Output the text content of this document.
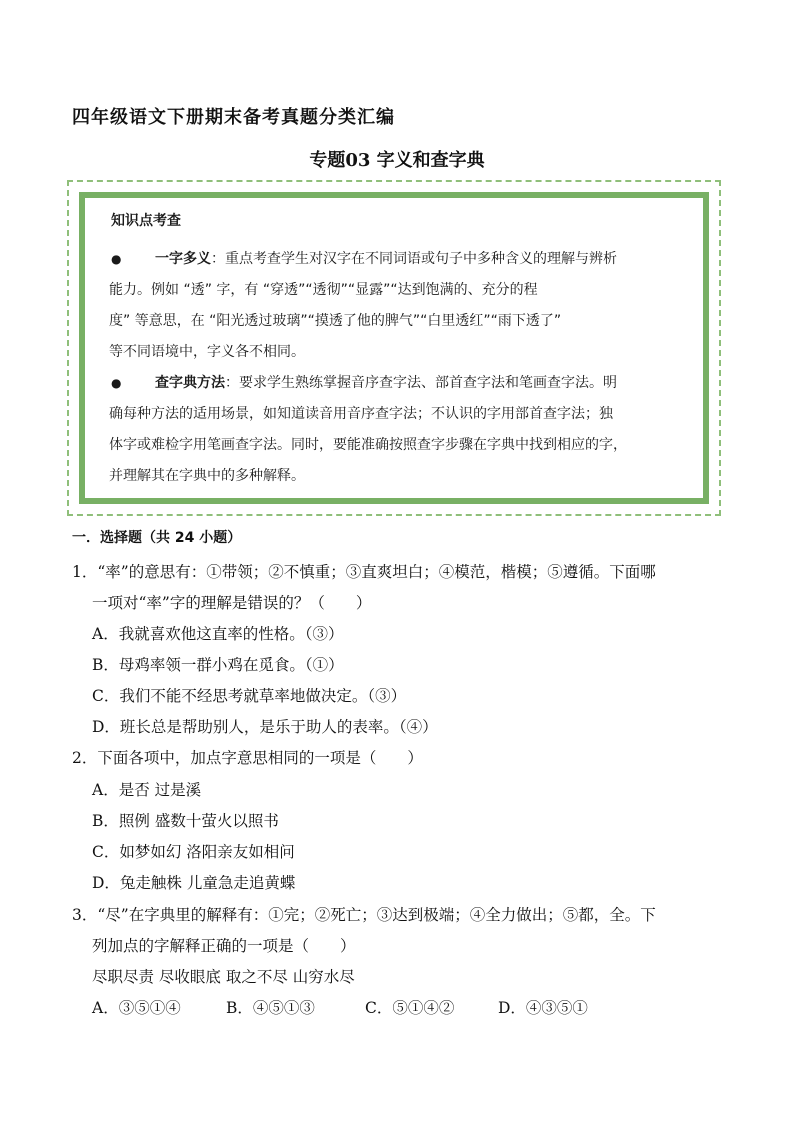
四年级语文下册期末备考真题分类汇编
专题03 字义和查字典
知识点考查
●	一字多义：重点考查学生对汉字在不同词语或句子中多种含义的理解与辨析
能力。例如 “透” 字，有 “穿透”“透彻”“显露”“达到饱满的、充分的程
度” 等意思，在 “阳光透过玻璃”“摸透了他的脾气”“白里透红”“雨下透了”
等不同语境中，字义各不相同。
●	查字典方法：要求学生熟练掌握音序查字法、部首查字法和笔画查字法。明
确每种方法的适用场景，如知道读音用音序查字法；不认识的字用部首查字法；独
体字或难检字用笔画查字法。同时，要能准确按照查字步骤在字典中找到相应的字，
并理解其在字典中的多种解释。
一．选择题（共 24 小题）
1．“率”的意思有：①带领；②不慎重；③直爽坦白；④模范，楷模；⑤遵循。下面哪
一项对“率”字的理解是错误的？（　　）
A．我就喜欢他这直率的性格。（③）
B．母鸡率领一群小鸡在觅食。（①）
C．我们不能不经思考就草率地做决定。（③）
D．班长总是帮助别人，是乐于助人的表率。（④）
2．下面各项中，加点字意思相同的一项是（　　）
A．是否 过是溪
B．照例 盛数十萤火以照书
C．如梦如幻 洛阳亲友如相问
D．兔走触株 儿童急走追黄蝶
3．“尽”在字典里的解释有：①完；②死亡；③达到极端；④全力做出；⑤都，全。下
列加点的字解释正确的一项是（　　）
尽职尽责 尽收眼底 取之不尽 山穷水尽
A．③⑤①④	B．④⑤①③	C．⑤①④②	D．④③⑤①
